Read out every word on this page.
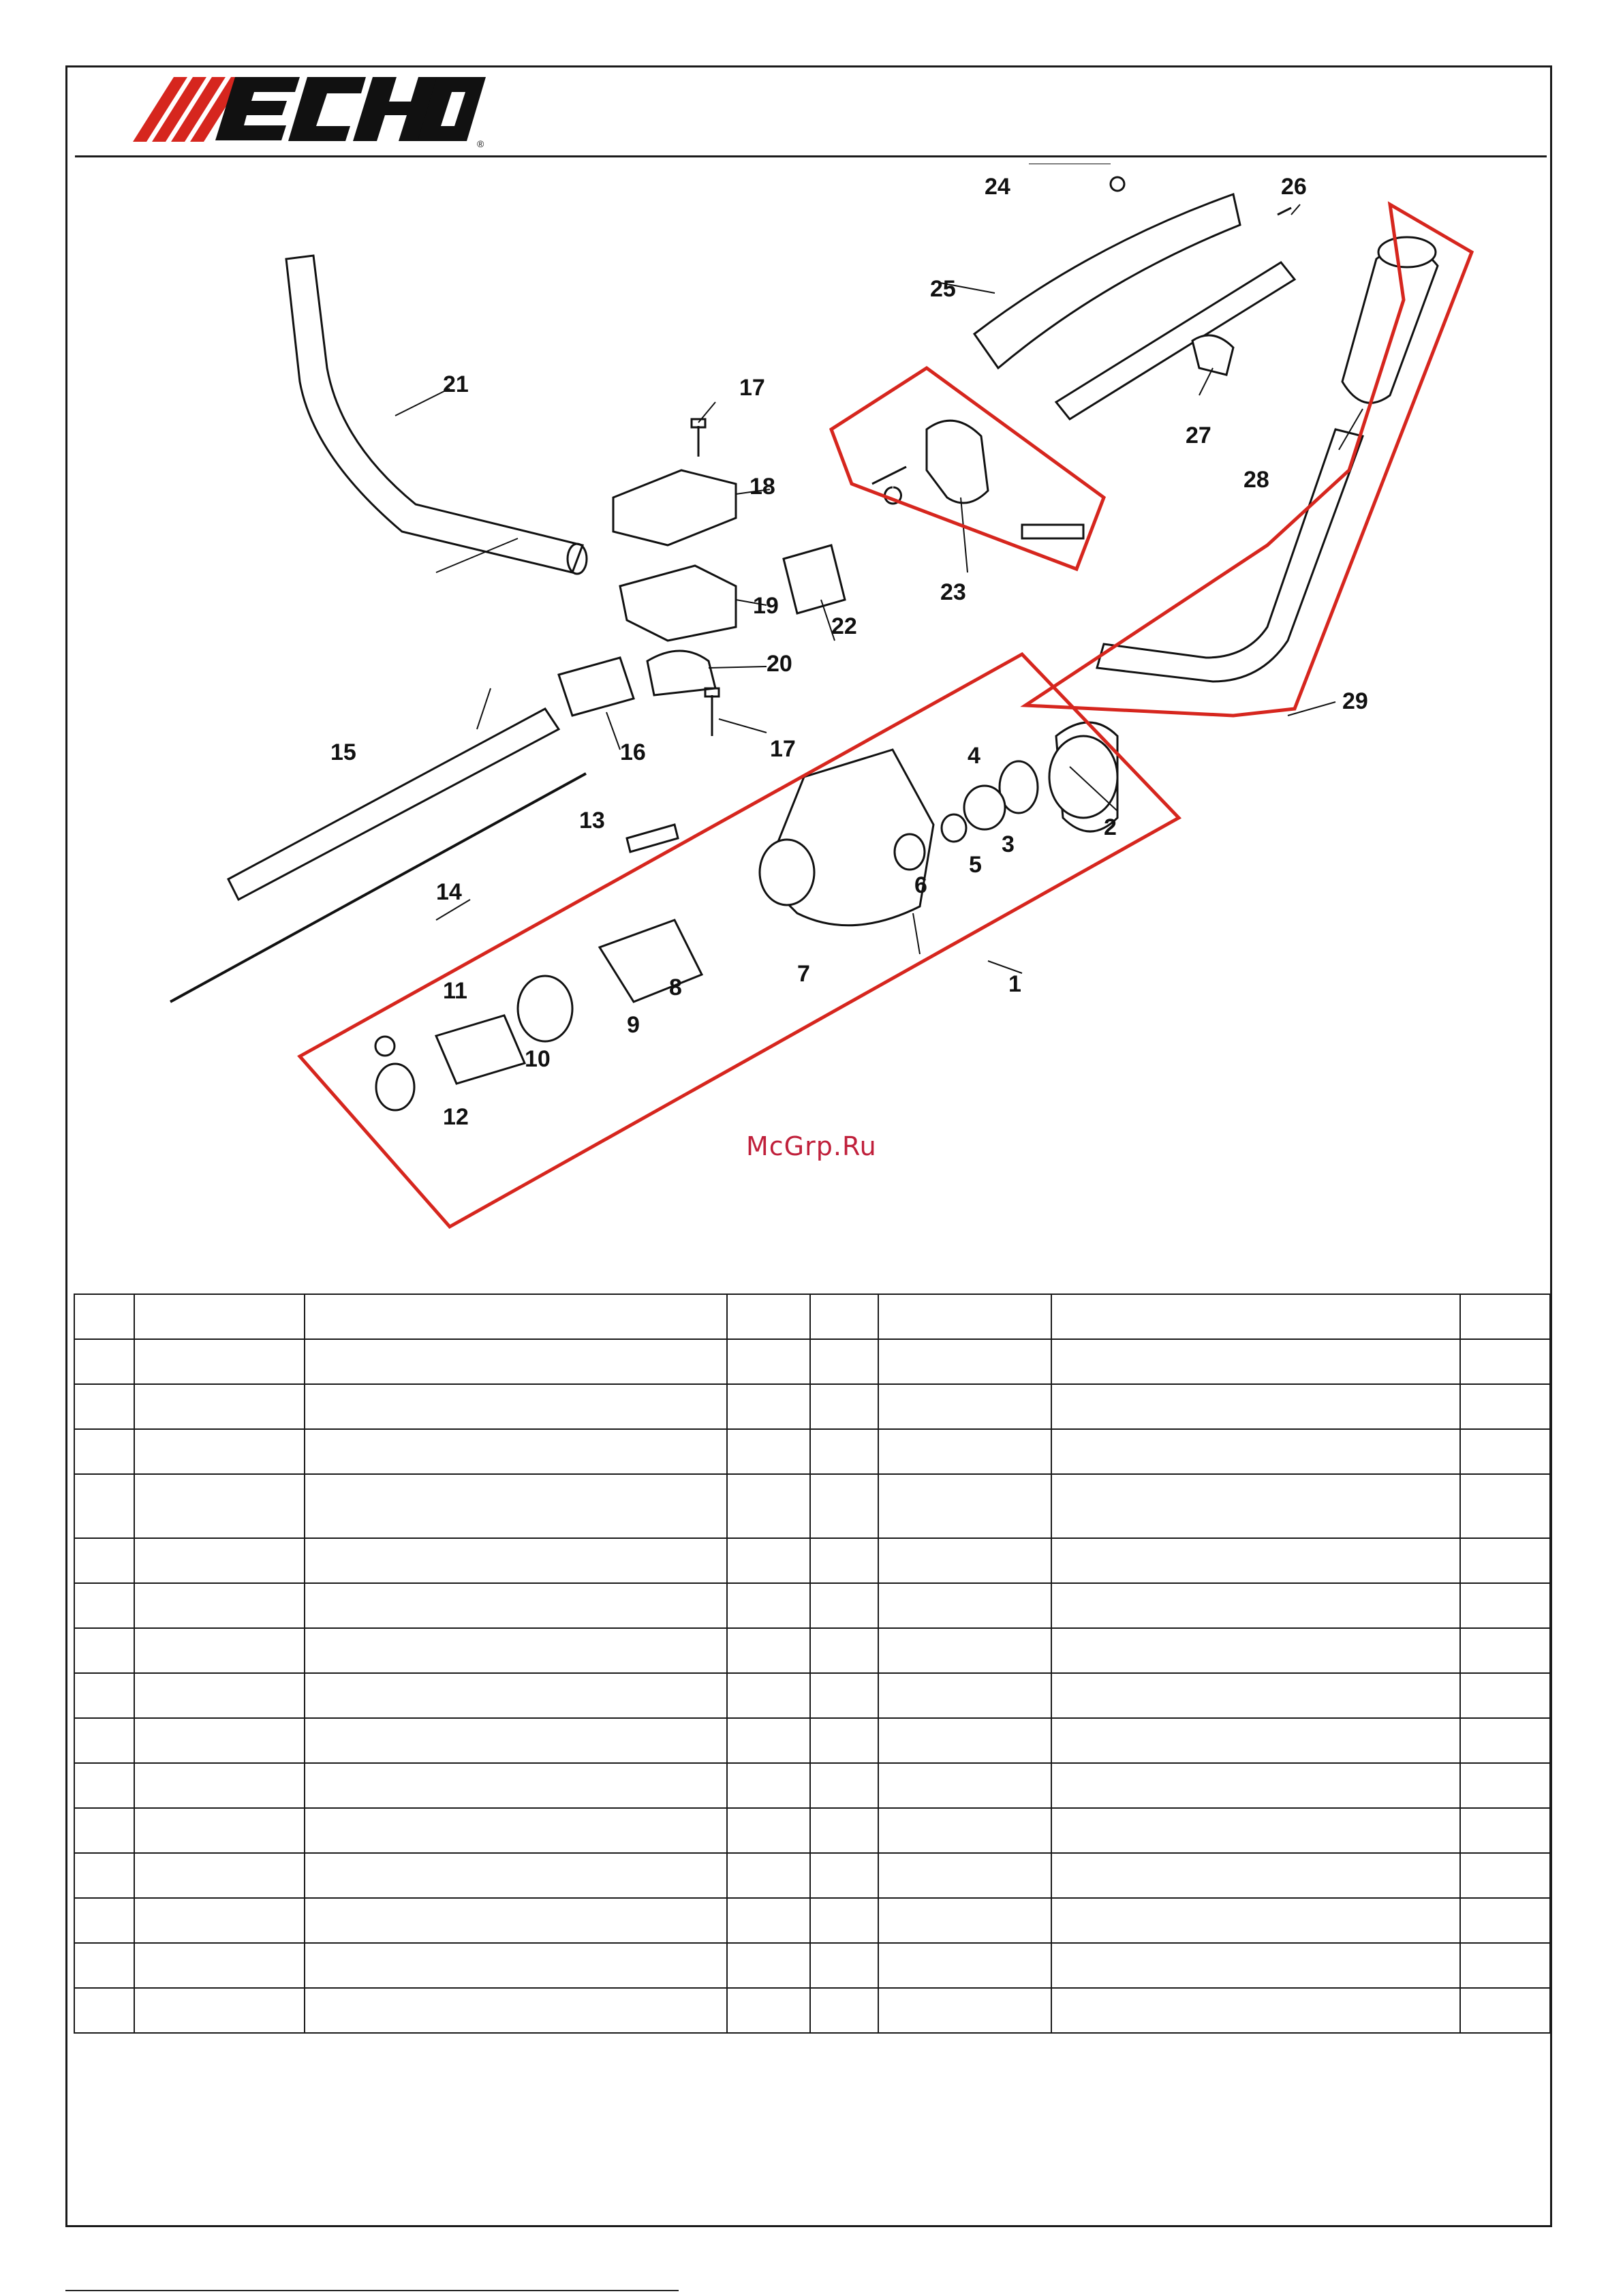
®
1
2
3
4
5
6
7
8
9
10
11
12
13
14
15	16
17
17
18
19
20
21
22
23
24
25
26
27
28
29
McGrp.Ru
